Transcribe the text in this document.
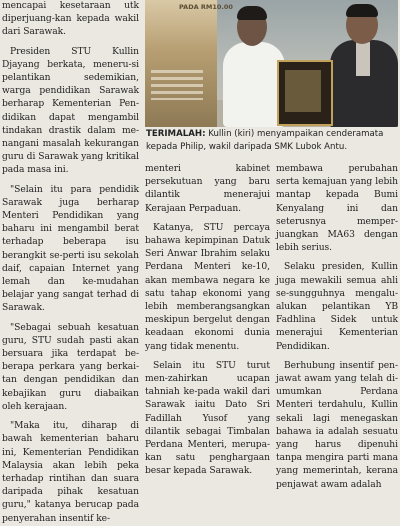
mencapai kesetaraan utk diperjuang-kan kepada wakil dari Sarawak.

Presiden STU Kullin Djayang berkata, meneru-si pelantikan sedemikian, warga pendidikan Sarawak berharap Kementerian Pen-didikan dapat mengambil tindakan drastik dalam me-nangani masalah kekurangan guru di Sarawak yang kritikal pada masa ini.

"Selain itu para pendidik Sarawak juga berharap Menteri Pendidikan yang baharu ini mengambil berat terhadap beberapa isu berangkit se-perti isu sekolah daif, capaian Internet yang lemah dan ke-mudahan belajar yang sangat terhad di Sarawak.

"Sebagai sebuah kesatuan guru, STU sudah pasti akan bersuara jika terdapat be-berapa perkara yang berkai-tan dengan pendidikan dan kebajikan guru diabaikan oleh kerajaan.

"Maka itu, diharap di bawah kementerian baharu ini, Kementerian Pendidikan Malaysia akan lebih peka terhadap rintihan dan suara daripada pihak kesatuan guru," katanya berucap pada penyerahan insentif ke-

PADA RM10.00
TERIMALAH: Kullin (kiri) menyampaikan cenderamata kepada Philip, wakil daripada SMK Lubok Antu.

menteri kabinet persekutuan yang baru dilantik menerajui Kerajaan Perpaduan.

Katanya, STU percaya bahawa kepimpinan Datuk Seri Anwar Ibrahim selaku Perdana Menteri ke-10, akan membawa negara ke satu tahap ekonomi yang lebih memberangsangkan meskipun bergelut dengan keadaan ekonomi dunia yang tidak menentu.

Selain itu STU turut men-zahirkan ucapan tahniah ke-pada wakil dari Sarawak iaitu Dato Sri Fadillah Yusof yang dilantik sebagai Timbalan Perdana Menteri, merupa-kan satu penghargaan besar kepada Sarawak.

membawa perubahan serta kemajuan yang lebih mantap kepada Bumi Kenyalang ini dan seterusnya memper-juangkan MA63 dengan lebih serius.

Selaku presiden, Kullin juga mewakili semua ahli se-sungguhnya mengalu-alukan pelantikan YB Fadhlina Sidek untuk menerajui Kementerian Pendidikan.

Berhubung insentif pen-jawat awam yang telah di-umumkan Perdana Menteri terdahulu, Kullin sekali lagi menegaskan bahawa ia adalah sesuatu yang harus dipenuhi tanpa mengira parti mana yang memerintah, kerana penjawat awam adalah
